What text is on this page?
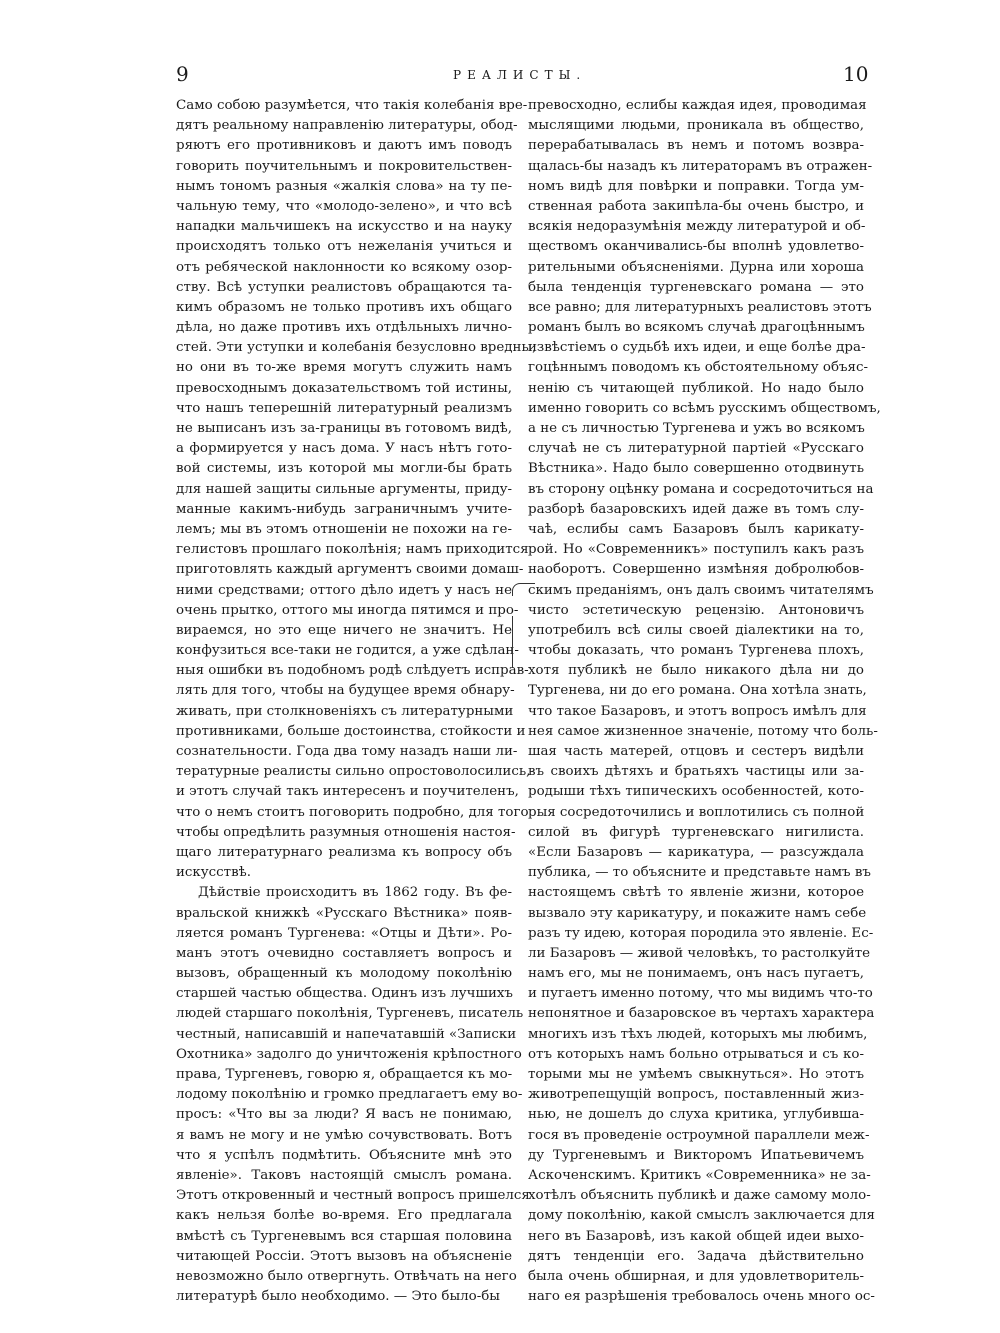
9	РЕАЛИСТЫ.	10
Само собою разумѣется, что такія колебанія вре-
дятъ реальному направленію литературы, обод-
ряютъ его противниковъ и даютъ имъ поводъ
говорить поучительнымъ и покровительствен-
нымъ тономъ разныя «жалкія слова» на ту пе-
чальную тему, что «молодо-зелено», и что всѣ
нападки мальчишекъ на искусство и на науку
происходятъ только отъ нежеланія учиться и
отъ ребяческой наклонности ко всякому озор-
ству. Всѣ уступки реалистовъ обращаются та-
кимъ образомъ не только противъ ихъ общаго
дѣла, но даже противъ ихъ отдѣльныхъ лично-
стей. Эти уступки и колебанія безусловно вредны;
но они въ то-же время могутъ служить намъ
превосходнымъ доказательствомъ той истины,
что нашъ теперешній литературный реализмъ
не выписанъ изъ за-границы въ готовомъ видѣ,
а формируется у насъ дома. У насъ нѣтъ гото-
вой системы, изъ которой мы могли-бы брать
для нашей защиты сильные аргументы, приду-
манные какимъ-нибудь заграничнымъ учите-
лемъ; мы въ этомъ отношеніи не похожи на ге-
гелистовъ прошлаго поколѣнія; намъ приходится
приготовлять каждый аргументъ своими домаш-
ними средствами; оттого дѣло идетъ у насъ не
очень прытко, оттого мы иногда пятимся и про-
вираемся, но это еще ничего не значитъ. Не
конфузиться все-таки не годится, а уже сдѣлан-
ныя ошибки въ подобномъ родѣ слѣдуетъ исправ-
лять для того, чтобы на будущее время обнару-
живать, при столкновеніяхъ съ литературными
противниками, больше достоинства, стойкости и
сознательности. Года два тому назадъ наши ли-
тературные реалисты сильно опростоволосились,
и этотъ случай такъ интересенъ и поучителенъ,
что о немъ стоитъ поговорить подробно, для того
чтобы опредѣлить разумныя отношенія настоя-
щаго литературнаго реализма къ вопросу объ
искусствѣ.
Дѣйствіе происходитъ въ 1862 году. Въ фе-
вральской книжкѣ «Русскаго Вѣстника» появ-
ляется романъ Тургенева: «Отцы и Дѣти». Ро-
манъ этотъ очевидно составляетъ вопросъ и
вызовъ, обращенный къ молодому поколѣнію
старшей частью общества. Одинъ изъ лучшихъ
людей старшаго поколѣнія, Тургеневъ, писатель
честный, написавшій и напечатавшій «Записки
Охотника» задолго до уничтоженія крѣпостного
права, Тургеневъ, говорю я, обращается къ мо-
лодому поколѣнію и громко предлагаетъ ему во-
просъ: «Что вы за люди? Я васъ не понимаю,
я вамъ не могу и не умѣю сочувствовать. Вотъ
что я успѣлъ подмѣтить. Объясните мнѣ это
явленіе». Таковъ настоящій смыслъ романа.
Этотъ откровенный и честный вопросъ пришелся
какъ нельзя болѣе во-время. Его предлагала
вмѣстѣ съ Тургеневымъ вся старшая половина
читающей Россіи. Этотъ вызовъ на объясненіе
невозможно было отвергнуть. Отвѣчать на него
литературѣ было необходимо. — Это было-бы
превосходно, еслибы каждая идея, проводимая
мыслящими людьми, проникала въ общество,
перерабатывалась въ немъ и потомъ возвра-
щалась-бы назадъ къ литераторамъ въ отражен-
номъ видѣ для повѣрки и поправки. Тогда ум-
ственная работа закипѣла-бы очень быстро, и
всякія недоразумѣнія между литературой и об-
ществомъ оканчивались-бы вполнѣ удовлетво-
рительными объясненіями. Дурна или хороша
была тенденція тургеневскаго романа — это
все равно; для литературныхъ реалистовъ этотъ
романъ былъ во всякомъ случаѣ драгоцѣннымъ
извѣстіемъ о судьбѣ ихъ идеи, и еще болѣе дра-
гоцѣннымъ поводомъ къ обстоятельному объяс-
ненію съ читающей публикой. Но надо было
именно говорить со всѣмъ русскимъ обществомъ,
а не съ личностью Тургенева и ужъ во всякомъ
случаѣ не съ литературной партіей «Русскаго
Вѣстника». Надо было совершенно отодвинуть
въ сторону оцѣнку романа и сосредоточиться на
разборѣ базаровскихъ идей даже въ томъ слу-
чаѣ, еслибы самъ Базаровъ былъ карикату-
рой. Но «Современникъ» поступилъ какъ разъ
наоборотъ. Совершенно измѣняя добролюбов-
скимъ преданіямъ, онъ далъ своимъ читателямъ
чисто эстетическую рецензію. Антоновичъ
употребилъ всѣ силы своей діалектики на то,
чтобы доказать, что романъ Тургенева плохъ,
хотя публикѣ не было никакого дѣла ни до
Тургенева, ни до его романа. Она хотѣла знать,
что такое Базаровъ, и этотъ вопросъ имѣлъ для
нея самое жизненное значеніе, потому что боль-
шая часть матерей, отцовъ и сестеръ видѣли
въ своихъ дѣтяхъ и братьяхъ частицы или за-
родыши тѣхъ типическихъ особенностей, кото-
рыя сосредоточились и воплотились съ полной
силой въ фигурѣ тургеневскаго нигилиста.
«Если Базаровъ — карикатура, — разсуждала
публика, — то объясните и представьте намъ въ
настоящемъ свѣтѣ то явленіе жизни, которое
вызвало эту карикатуру, и покажите намъ себе
разъ ту идею, которая породила это явленіе. Ес-
ли Базаровъ — живой человѣкъ, то растолкуйте
намъ его, мы не понимаемъ, онъ насъ пугаетъ,
и пугаетъ именно потому, что мы видимъ что-то
непонятное и базаровское въ чертахъ характера
многихъ изъ тѣхъ людей, которыхъ мы любимъ,
отъ которыхъ намъ больно отрываться и съ ко-
торыми мы не умѣемъ свыкнуться». Но этотъ
животрепещущій вопросъ, поставленный жиз-
нью, не дошелъ до слуха критика, углубивша-
гося въ проведеніе остроумной параллели меж-
ду Тургеневымъ и Викторомъ Ипатьевичемъ
Аскоченскимъ. Критикъ «Современника» не за-
хотѣлъ объяснить публикѣ и даже самому моло-
дому поколѣнію, какой смыслъ заключается для
него въ Базаровѣ, изъ какой общей идеи выхо-
дятъ тенденціи его. Задача дѣйствительно
была очень обширная, и для удовлетворитель-
наго ея разрѣшенія требовалось очень много ос-
